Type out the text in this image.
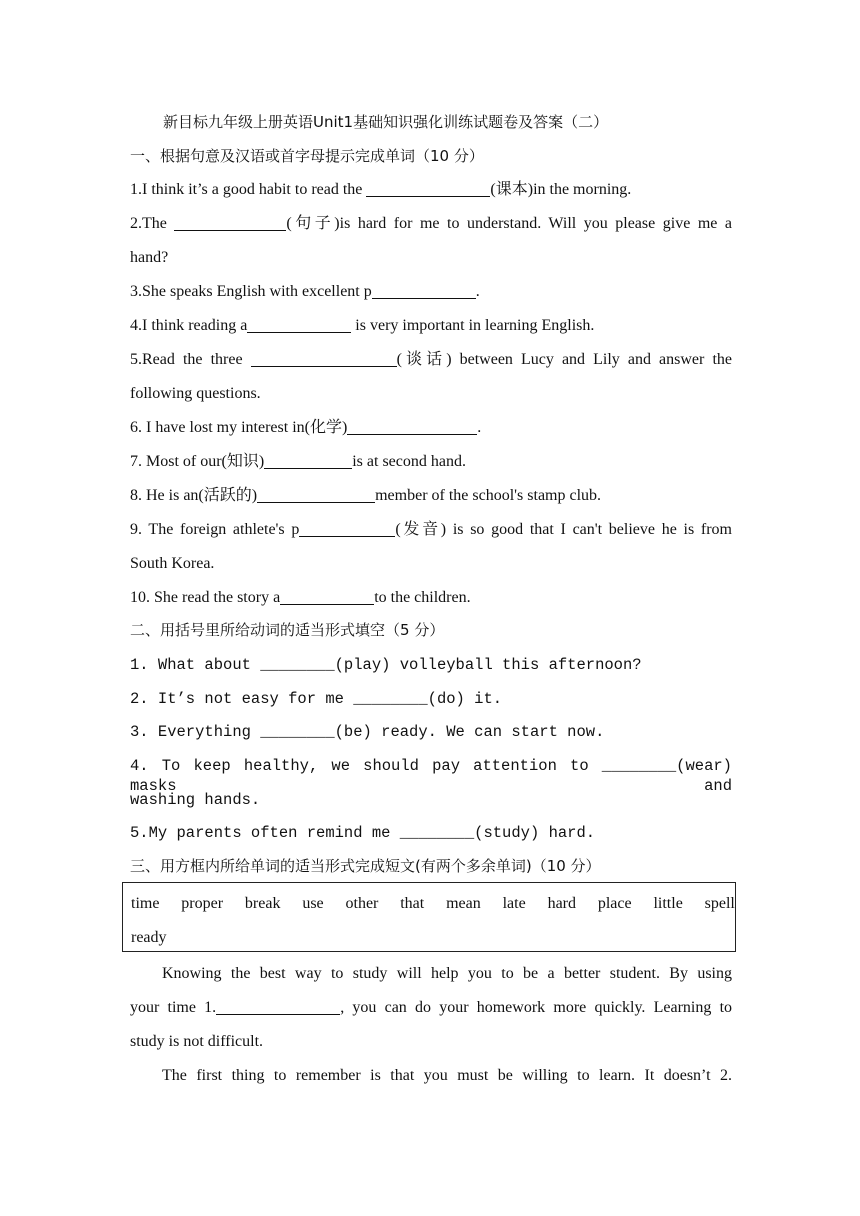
新目标九年级上册英语Unit1基础知识强化训练试题卷及答案（二）
一、根据句意及汉语或首字母提示完成单词（10 分）
1.I think it’s a good habit to read the	(课本)in the morning.
2.The	(句子)is hard for me to understand. Will you please give me a
hand?
3.She speaks English with excellent p	.
4.I think reading a	is very important in learning English.
5.Read the three	(谈话) between Lucy and Lily and answer the
following questions.
6. I have lost my interest in(化学)	.
7. Most of our(知识)	is at second hand.
8. He is an(活跃的)	member of the school's stamp club.
9. The foreign athlete's p	(发音) is so good that I can't believe he is from
South Korea.
10. She read the story a	to the children.
二、用括号里所给动词的适当形式填空（5 分）
1. What about ________(play) volleyball this afternoon?
2. It’s not easy for me ________(do) it.
3. Everything ________(be) ready. We can start now.
4. To keep healthy, we should pay attention to ________(wear) masks and
washing hands.
5.My parents often remind me ________(study) hard.
三、用方框内所给单词的适当形式完成短文(有两个多余单词)（10 分）
time proper break use other that mean late hard place little spell
ready
Knowing the best way to study will help you to be a better student. By using
your time 1.	, you can do your homework more quickly. Learning to
study is not difficult.
The first thing to remember is that you must be willing to learn. It doesn’t 2.
